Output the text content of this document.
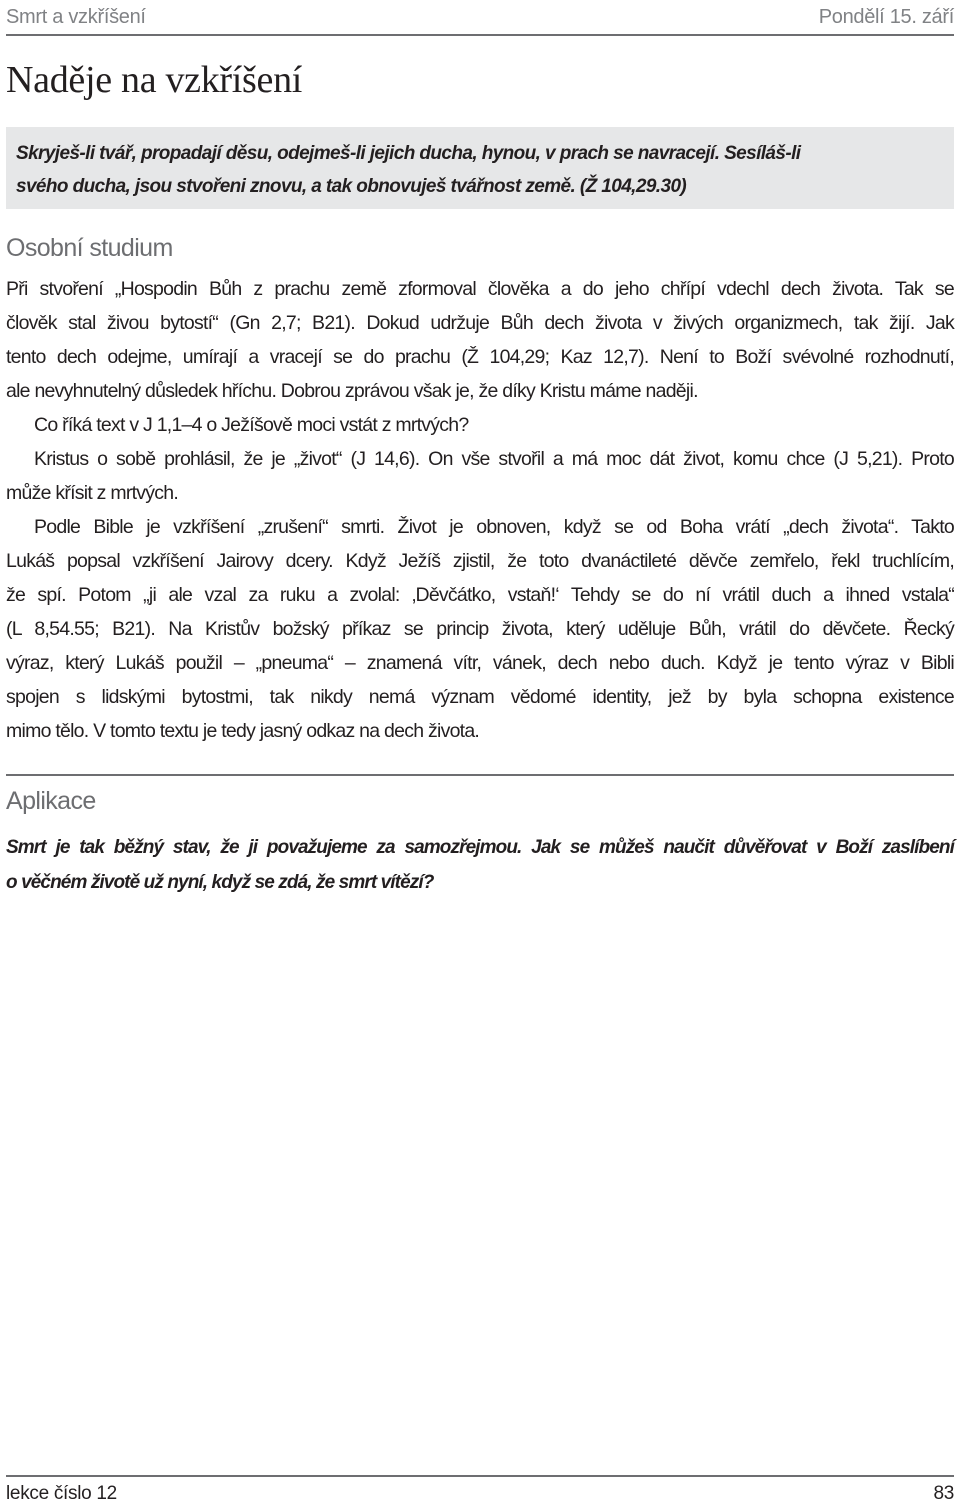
Smrt a vzkříšení	Pondělí 15. září
Naděje na vzkříšení
Skryješ-li tvář, propadají děsu, odejmeš-li jejich ducha, hynou, v prach se navracejí. Sesíláš-li
svého ducha, jsou stvořeni znovu, a tak obnovuješ tvářnost země. (Ž 104,29.30)
Osobní studium
Při stvoření „Hospodin Bůh z prachu země zformoval člověka a do jeho chřípí vdechl dech života. Tak se
člověk stal živou bytostí“ (Gn 2,7; B21). Dokud udržuje Bůh dech života v živých organizmech, tak žijí. Jak
tento dech odejme, umírají a vracejí se do prachu (Ž 104,29; Kaz 12,7). Není to Boží svévolné rozhodnutí,
ale nevyhnutelný důsledek hříchu. Dobrou zprávou však je, že díky Kristu máme naději.
Co říká text v J 1,1–4 o Ježíšově moci vstát z mrtvých?
Kristus o sobě prohlásil, že je „život“ (J 14,6). On vše stvořil a má moc dát život, komu chce (J 5,21). Proto
může křísit z mrtvých.
Podle Bible je vzkříšení „zrušení“ smrti. Život je obnoven, když se od Boha vrátí „dech života“. Takto
Lukáš popsal vzkříšení Jairovy dcery. Když Ježíš zjistil, že toto dvanáctileté děvče zemřelo, řekl truchlícím,
že spí. Potom „ji ale vzal za ruku a zvolal: ‚Děvčátko, vstaň!‘ Tehdy se do ní vrátil duch a ihned vstala“
(L 8,54.55; B21). Na Kristův božský příkaz se princip života, který uděluje Bůh, vrátil do děvčete. Řecký
výraz, který Lukáš použil – „pneuma“ – znamená vítr, vánek, dech nebo duch. Když je tento výraz v Bibli
spojen s lidskými bytostmi, tak nikdy nemá význam vědomé identity, jež by byla schopna existence
mimo tělo. V tomto textu je tedy jasný odkaz na dech života.
Aplikace
Smrt je tak běžný stav, že ji považujeme za samozřejmou. Jak se můžeš naučit důvěřovat v Boží zaslíbení
o věčném životě už nyní, když se zdá, že smrt vítězí?
lekce číslo 12	83
